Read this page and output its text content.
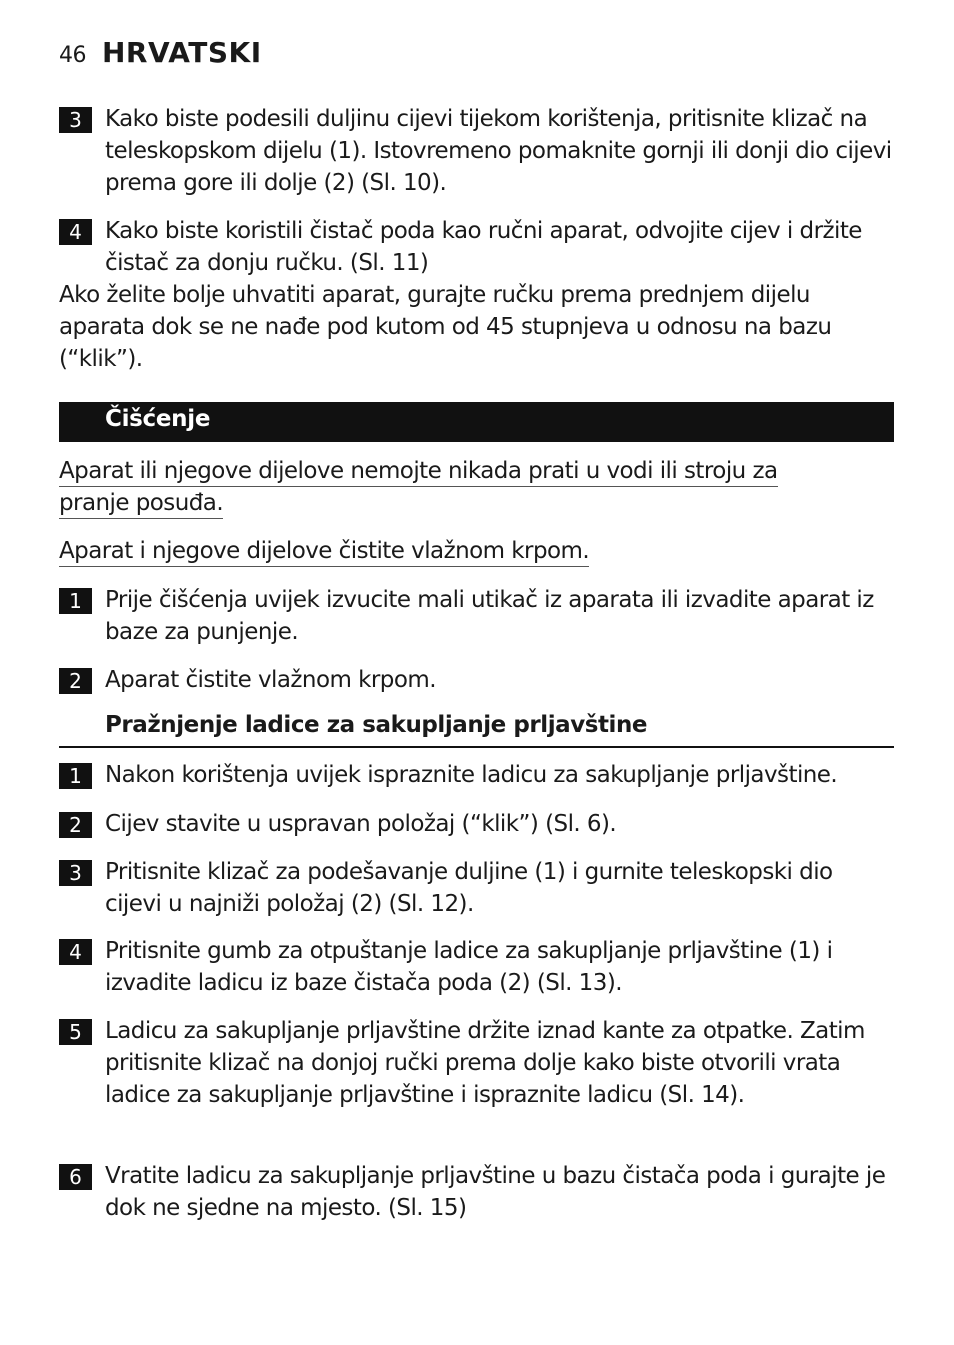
46 HRVATSKI
3	Kako biste podesili duljinu cijevi tijekom korištenja, pritisnite klizač na teleskopskom dijelu (1). Istovremeno pomaknite gornji ili donji dio cijevi prema gore ili dolje (2) (Sl. 10).
4	Kako biste koristili čistač poda kao ručni aparat, odvojite cijev i držite čistač za donju ručku. (Sl. 11)
Ako želite bolje uhvatiti aparat, gurajte ručku prema prednjem dijelu aparata dok se ne nađe pod kutom od 45 stupnjeva u odnosu na bazu (“klik”).
Čišćenje
Aparat ili njegove dijelove nemojte nikada prati u vodi ili stroju za pranje posuđa.
Aparat i njegove dijelove čistite vlažnom krpom.
1	Prije čišćenja uvijek izvucite mali utikač iz aparata ili izvadite aparat iz baze za punjenje.
2	Aparat čistite vlažnom krpom.
Pražnjenje ladice za sakupljanje prljavštine
1	Nakon korištenja uvijek ispraznite ladicu za sakupljanje prljavštine.
2	Cijev stavite u uspravan položaj (“klik”) (Sl. 6).
3	Pritisnite klizač za podešavanje duljine (1) i gurnite teleskopski dio cijevi u najniži položaj (2) (Sl. 12).
4	Pritisnite gumb za otpuštanje ladice za sakupljanje prljavštine (1) i izvadite ladicu iz baze čistača poda (2) (Sl. 13).
5	Ladicu za sakupljanje prljavštine držite iznad kante za otpatke. Zatim pritisnite klizač na donjoj ručki prema dolje kako biste otvorili vrata ladice za sakupljanje prljavštine i ispraznite ladicu (Sl. 14).
6	Vratite ladicu za sakupljanje prljavštine u bazu čistača poda i gurajte je dok ne sjedne na mjesto. (Sl. 15)
